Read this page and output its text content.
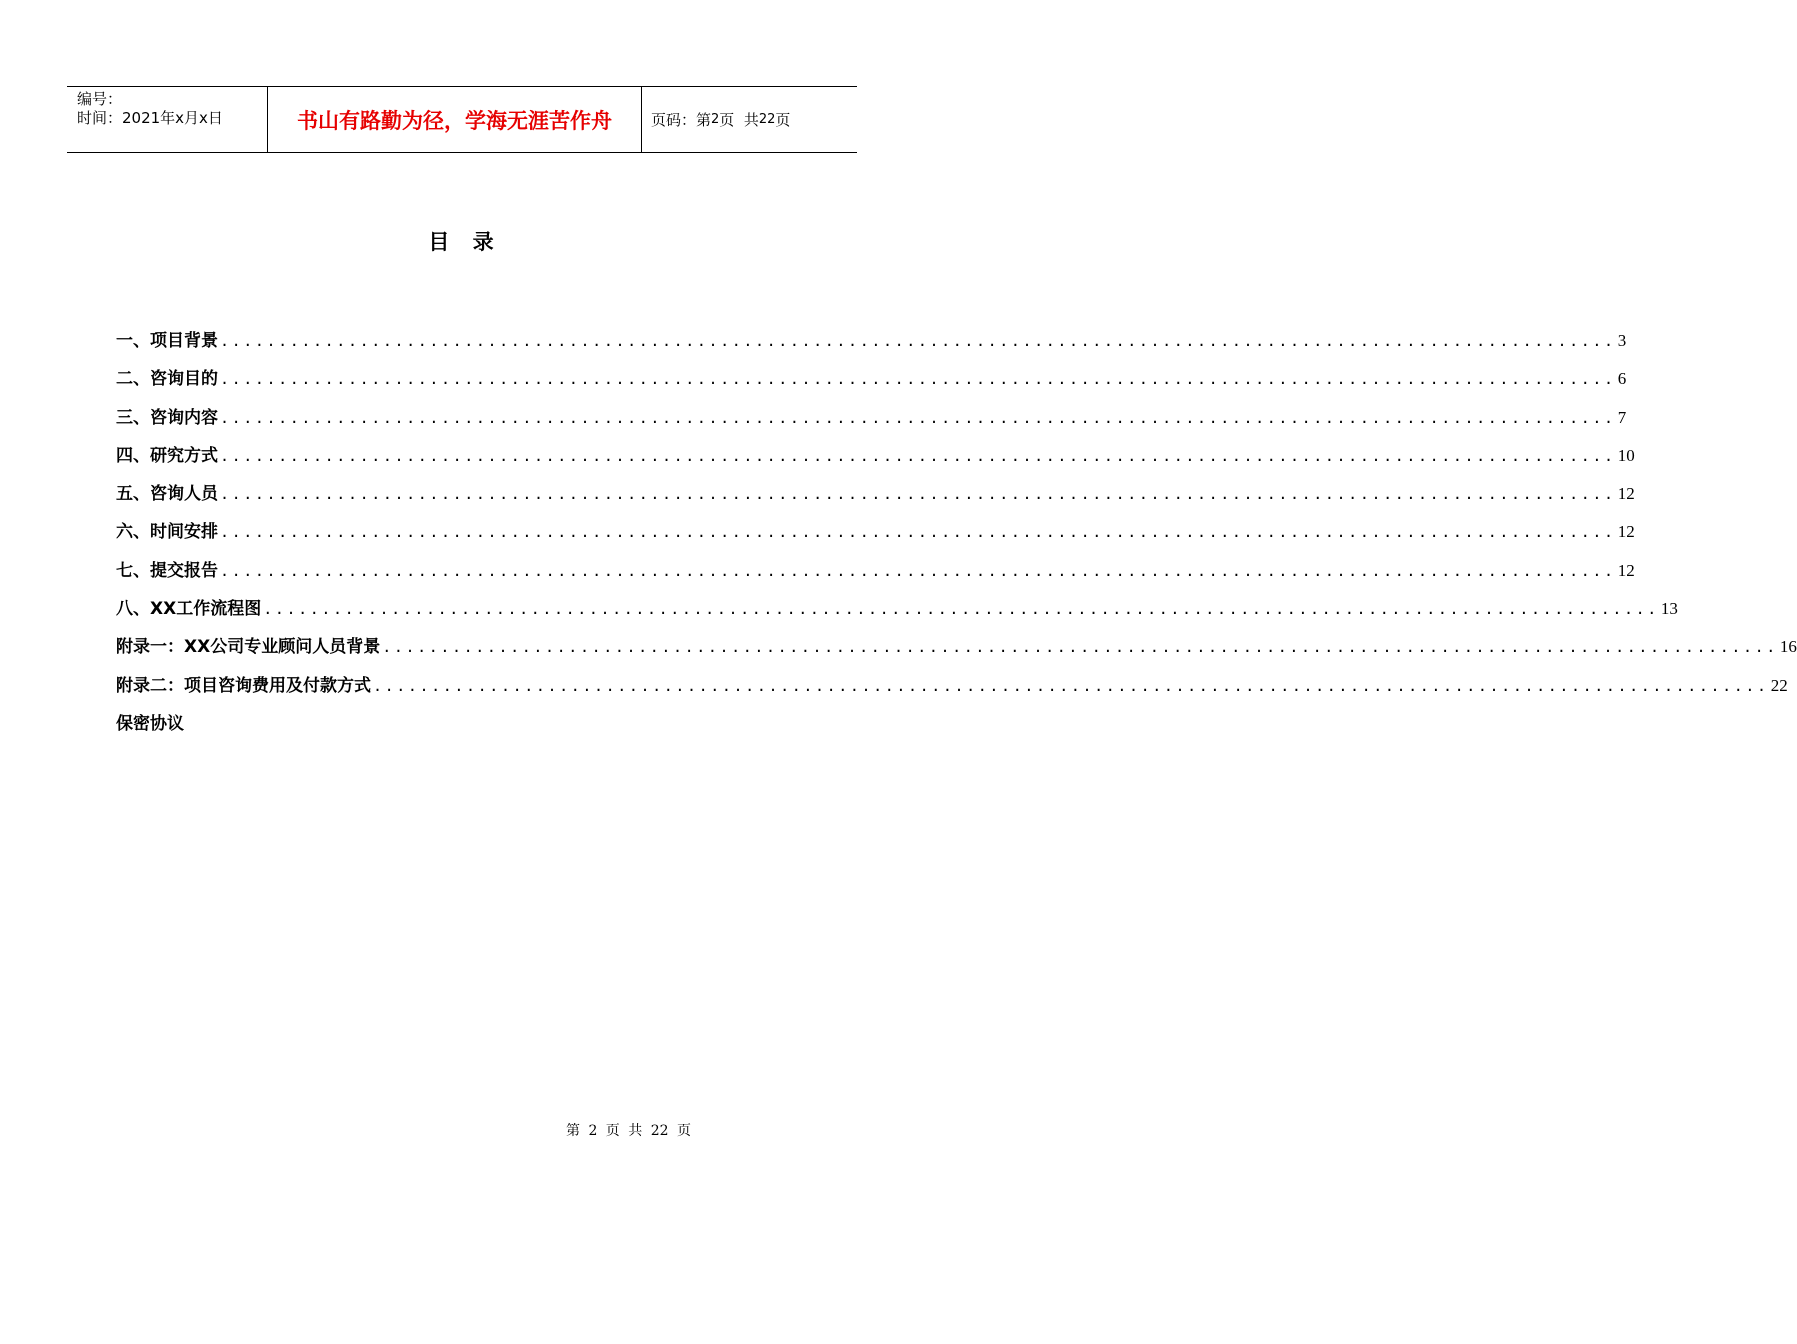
编号：
时间：2021年x月x日	书山有路勤为径，学海无涯苦作舟	页码：第 2 页  共 22 页
目 录
一、项目背景 ........................................................................................................................ 3
二、咨询目的 ........................................................................................................................ 6
三、咨询内容 ........................................................................................................................ 7
四、研究方式 ........................................................................................................................ 10
五、咨询人员 ........................................................................................................................ 12
六、时间安排 ........................................................................................................................ 12
七、提交报告 ........................................................................................................................ 12
八、XX工作流程图 ........................................................................................................................ 13
附录一：XX公司专业顾问人员背景 ........................................................................................................................ 16
附录二：项目咨询费用及付款方式 ........................................................................................................................ 22
保密协议
第 2 页 共 22 页
